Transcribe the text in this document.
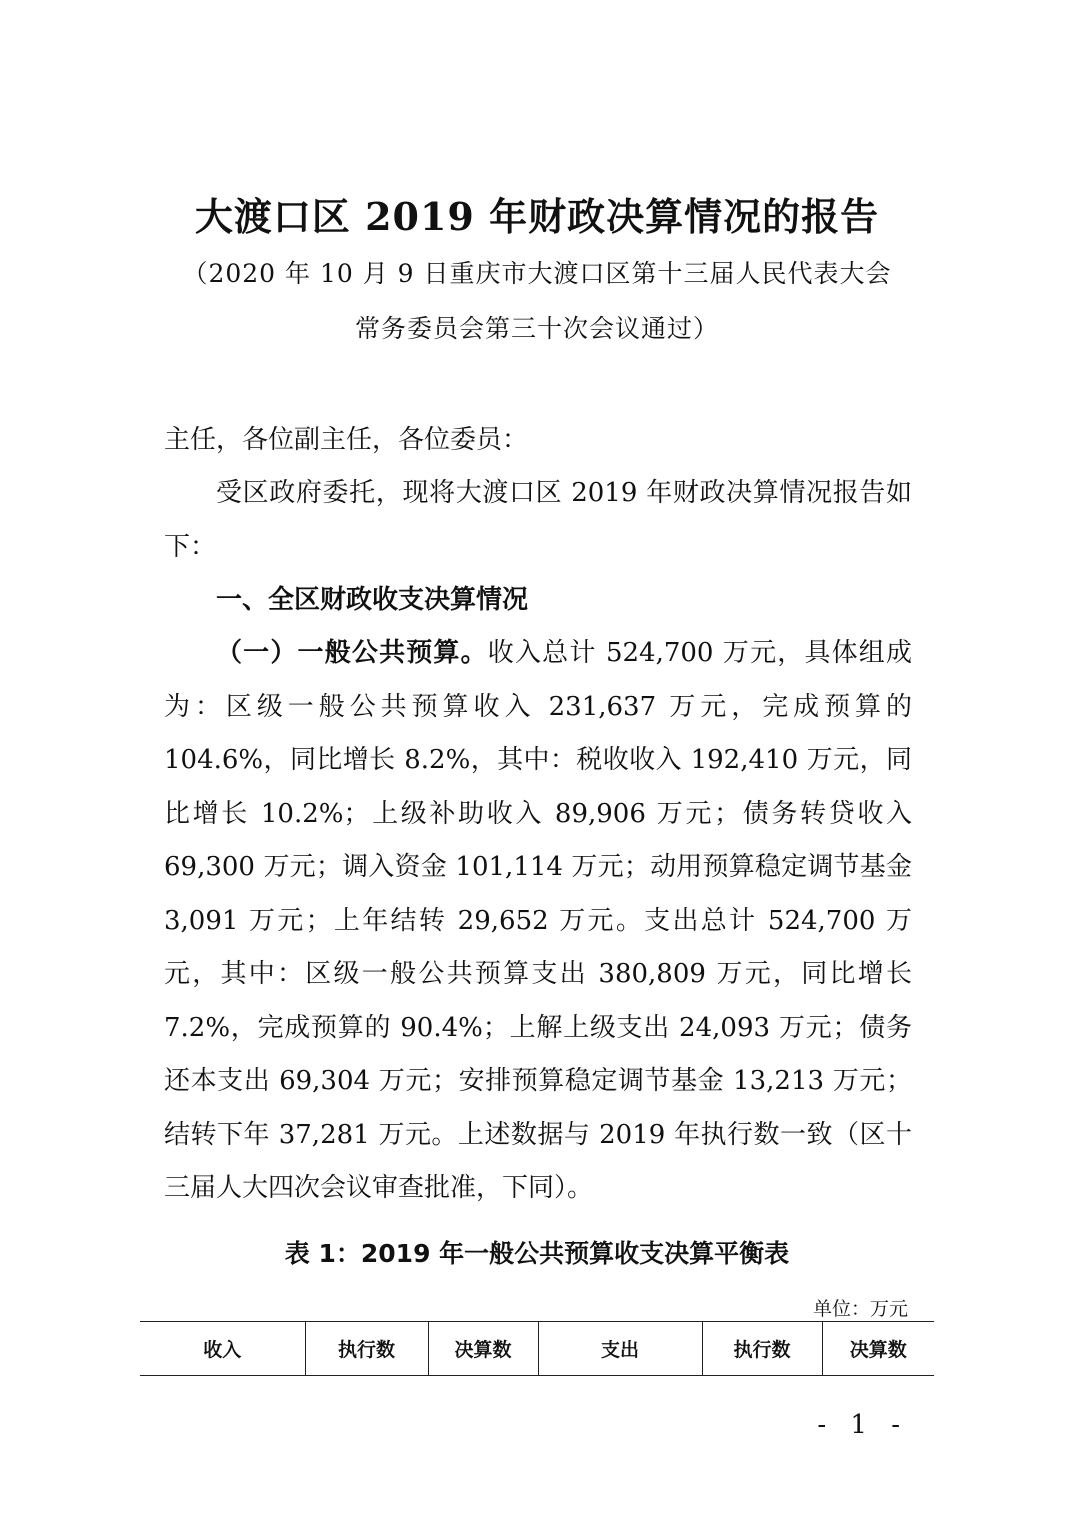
大渡口区 2019 年财政决算情况的报告
（2020 年 10 月 9 日重庆市大渡口区第十三届人民代表大会
常务委员会第三十次会议通过）
主任，各位副主任，各位委员：
受区政府委托，现将大渡口区 2019 年财政决算情况报告如下：
一、全区财政收支决算情况
（一）一般公共预算。收入总计 524,700 万元，具体组成为：区级一般公共预算收入 231,637 万元，完成预算的 104.6%，同比增长 8.2%，其中：税收收入 192,410 万元，同比增长 10.2%；上级补助收入 89,906 万元；债务转贷收入 69,300 万元；调入资金 101,114 万元；动用预算稳定调节基金 3,091 万元；上年结转 29,652 万元。支出总计 524,700 万元，其中：区级一般公共预算支出 380,809 万元，同比增长 7.2%，完成预算的 90.4%；上解上级支出 24,093 万元；债务还本支出 69,304 万元；安排预算稳定调节基金 13,213 万元；结转下年 37,281 万元。上述数据与 2019 年执行数一致（区十三届人大四次会议审查批准，下同）。
表 1：2019 年一般公共预算收支决算平衡表
单位：万元
收入	执行数	决算数	支出	执行数	决算数
- 1 -
